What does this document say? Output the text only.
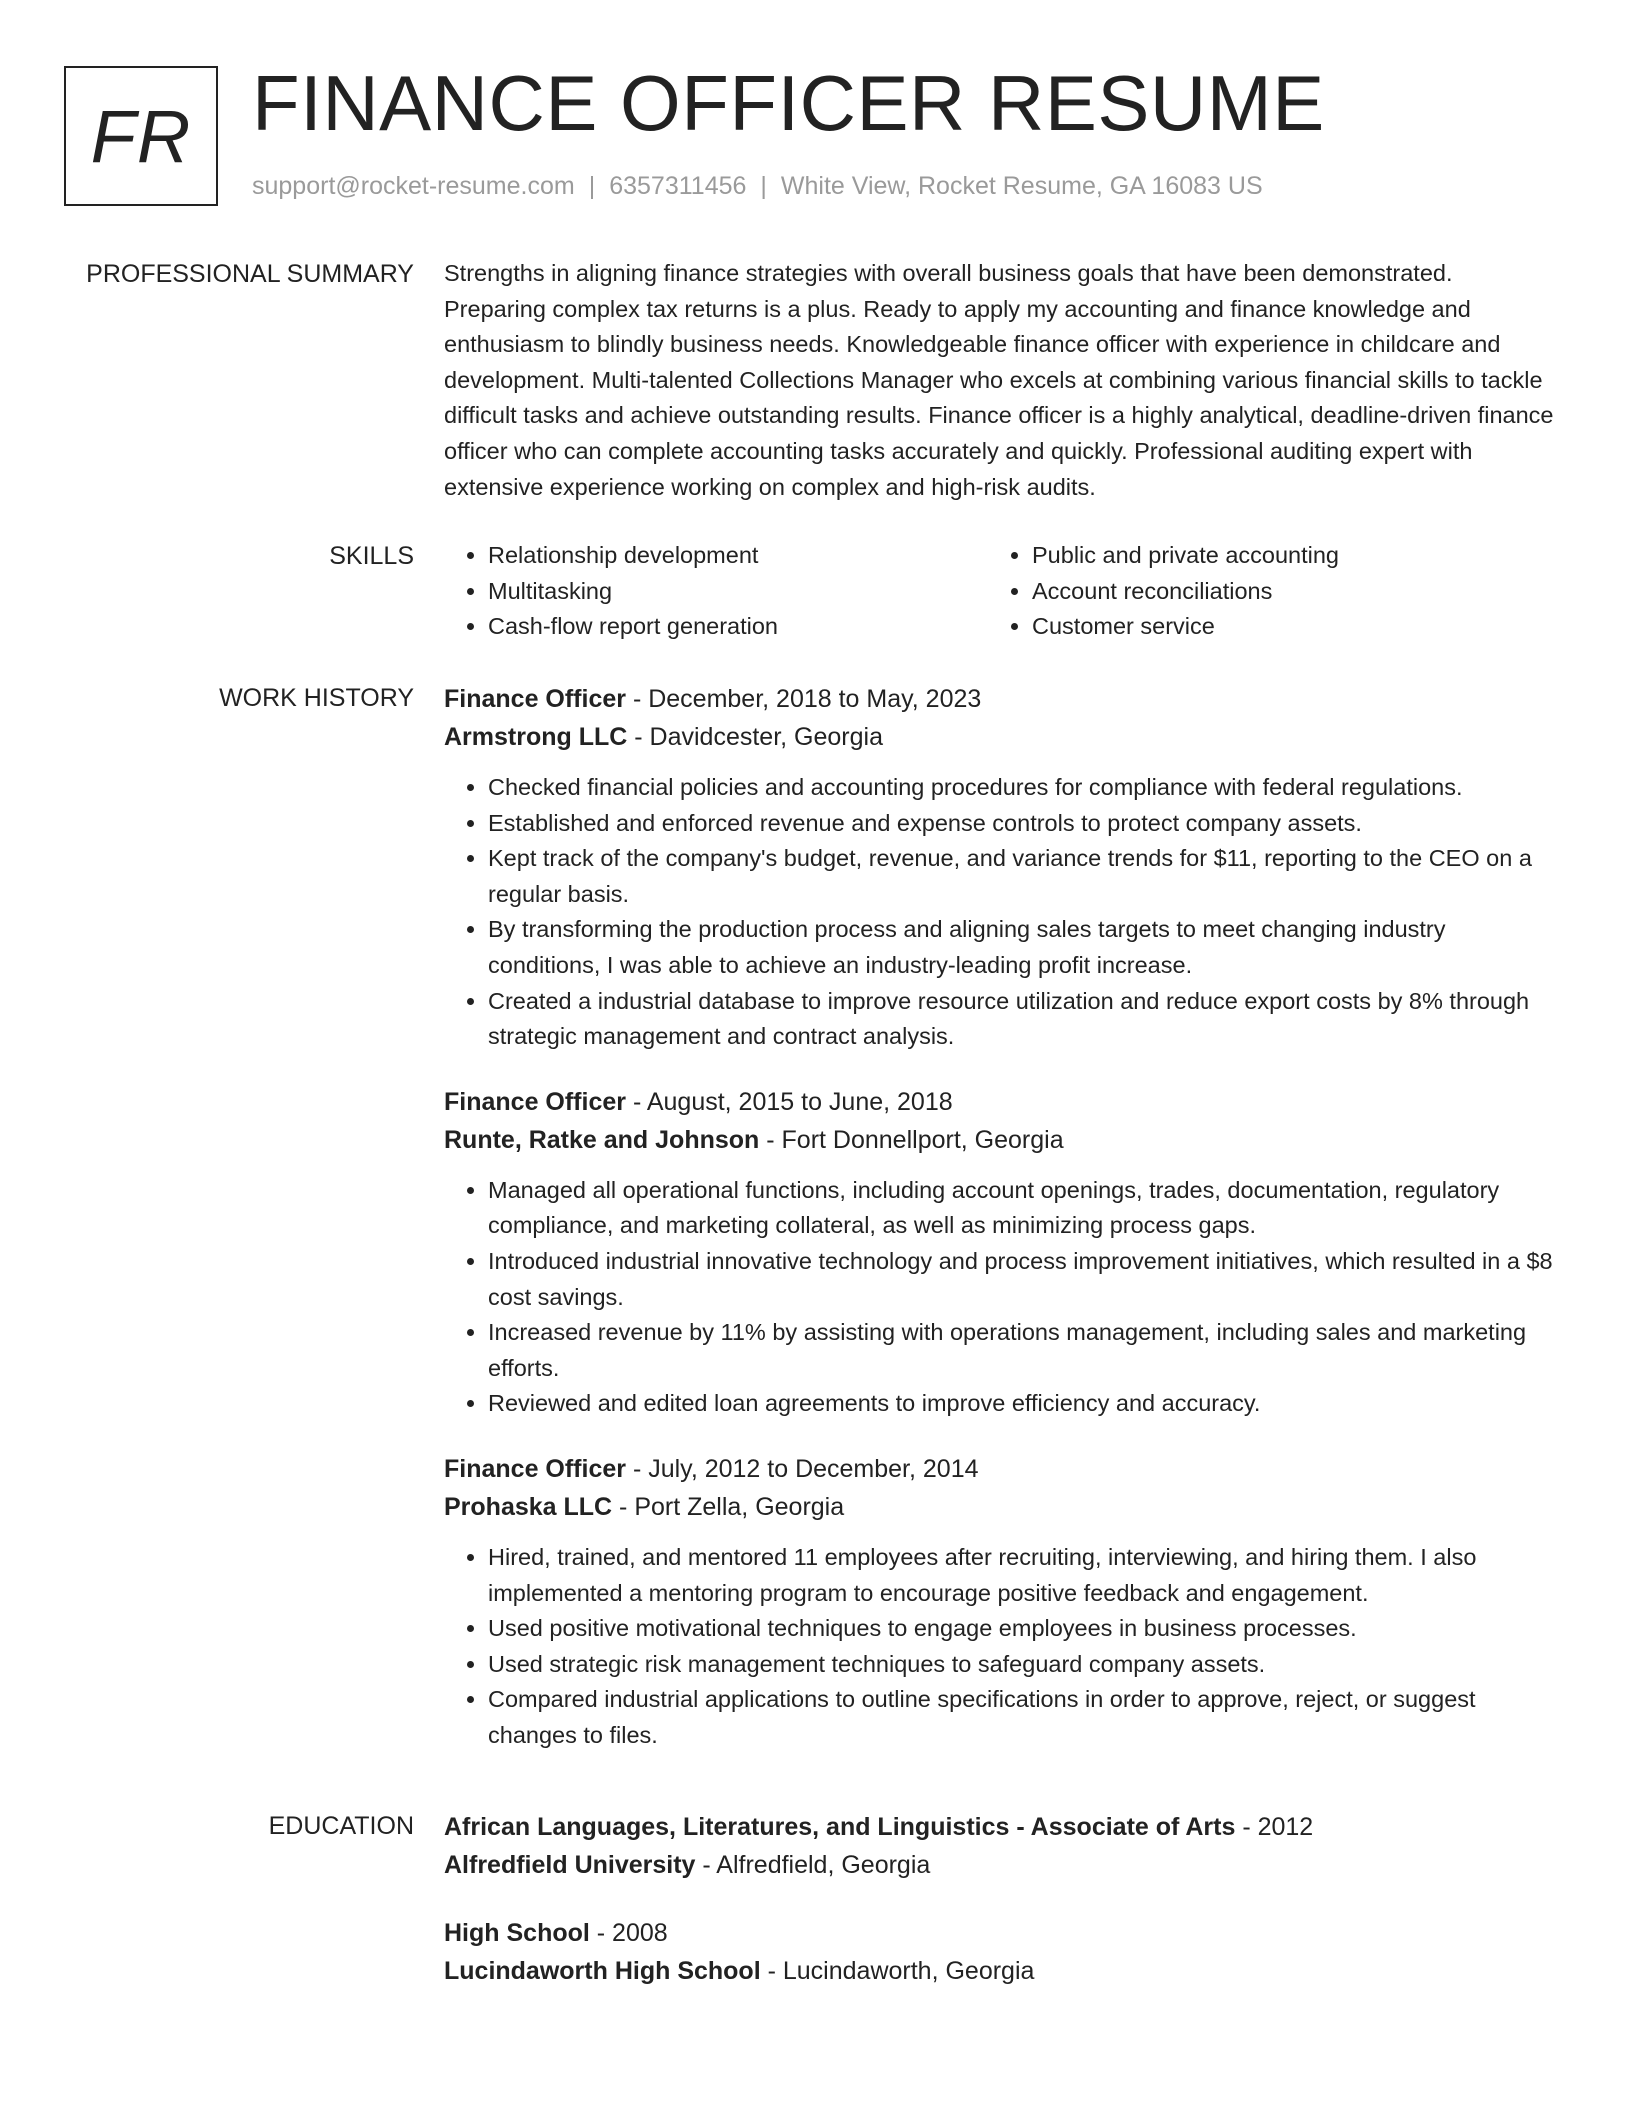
FR FINANCE OFFICER RESUME
support@rocket-resume.com | 6357311456 | White View, Rocket Resume, GA 16083 US
PROFESSIONAL SUMMARY Strengths in aligning finance strategies with overall business goals that have been demonstrated. Preparing complex tax returns is a plus. Ready to apply my accounting and finance knowledge and enthusiasm to blindly business needs. Knowledgeable finance officer with experience in childcare and development. Multi-talented Collections Manager who excels at combining various financial skills to tackle difficult tasks and achieve outstanding results. Finance officer is a highly analytical, deadline-driven finance officer who can complete accounting tasks accurately and quickly. Professional auditing expert with extensive experience working on complex and high-risk audits.

SKILLS
•	Relationship development
• Multitasking
• Cash-flow report generation
• Public and private accounting
• Account reconciliations
• Customer service
WORK HISTORY Finance Officer - December, 2018 to May, 2023
Armstrong LLC - Davidcester, Georgia
• Checked financial policies and accounting procedures for compliance with federal regulations.
• Established and enforced revenue and expense controls to protect company assets.
• Kept track of the company's budget, revenue, and variance trends for $11, reporting to the CEO on a regular basis.
• By transforming the production process and aligning sales targets to meet changing industry conditions, I was able to achieve an industry-leading profit increase.
• Created a industrial database to improve resource utilization and reduce export costs by 8% through strategic management and contract analysis.
Finance Officer - August, 2015 to June, 2018
Runte, Ratke and Johnson - Fort Donnellport, Georgia
• Managed all operational functions, including account openings, trades, documentation, regulatory compliance, and marketing collateral, as well as minimizing process gaps.
• Introduced industrial innovative technology and process improvement initiatives, which resulted in a $8 cost savings.
• Increased revenue by 11% by assisting with operations management, including sales and marketing efforts.
• Reviewed and edited loan agreements to improve efficiency and accuracy.
Finance Officer - July, 2012 to December, 2014
Prohaska LLC - Port Zella, Georgia
• Hired, trained, and mentored 11 employees after recruiting, interviewing, and hiring them. I also implemented a mentoring program to encourage positive feedback and engagement.
• Used positive motivational techniques to engage employees in business processes.
• Used strategic risk management techniques to safeguard company assets.
• Compared industrial applications to outline specifications in order to approve, reject, or suggest changes to files.
EDUCATION African Languages, Literatures, and Linguistics - Associate of Arts - 2012
Alfredfield University - Alfredfield, Georgia
High School - 2008
Lucindaworth High School - Lucindaworth, Georgia
